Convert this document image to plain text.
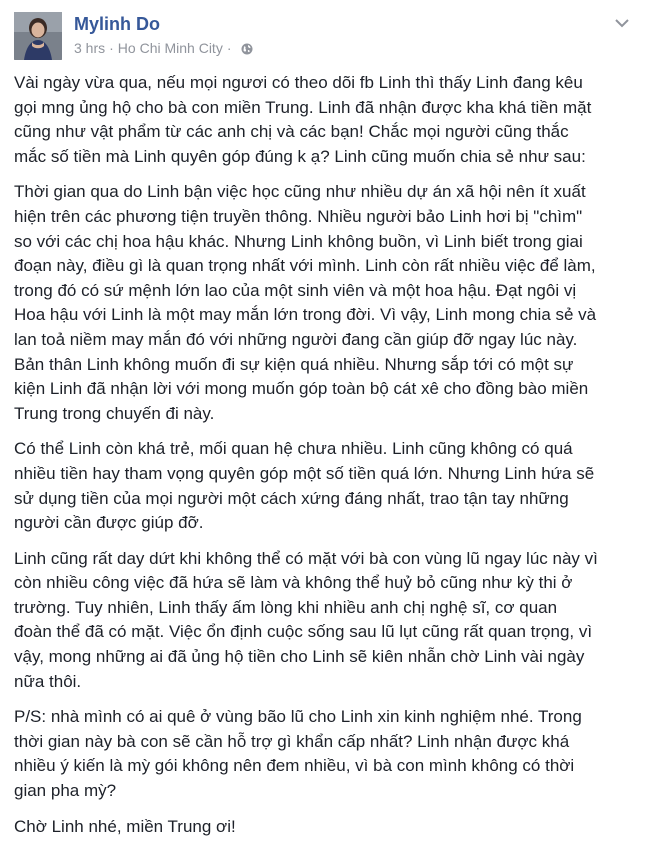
Mylinh Do
3 hrs · Ho Chi Minh City ·

Vài ngày vừa qua, nếu mọi ngươi có theo dõi fb Linh thì thấy Linh đang kêu
gọi mng ủng hộ cho bà con miền Trung. Linh đã nhận được kha khá tiền mặt
cũng như vật phẩm từ các anh chị và các bạn! Chắc mọi người cũng thắc
mắc số tiền mà Linh quyên góp đúng k ạ? Linh cũng muốn chia sẻ như sau:

Thời gian qua do Linh bận việc học cũng như nhiều dự án xã hội nên ít xuất
hiện trên các phương tiện truyền thông. Nhiều người bảo Linh hơi bị "chìm"
so với các chị hoa hậu khác. Nhưng Linh không buồn, vì Linh biết trong giai
đoạn này, điều gì là quan trọng nhất với mình. Linh còn rất nhiều việc để làm,
trong đó có sứ mệnh lớn lao của một sinh viên và một hoa hậu. Đạt ngôi vị
Hoa hậu với Linh là một may mắn lớn trong đời. Vì vậy, Linh mong chia sẻ và
lan toả niềm may mắn đó với những người đang cần giúp đỡ ngay lúc này.
Bản thân Linh không muốn đi sự kiện quá nhiều. Nhưng sắp tới có một sự
kiện Linh đã nhận lời với mong muốn góp toàn bộ cát xê cho đồng bào miền
Trung trong chuyến đi này.

Có thể Linh còn khá trẻ, mối quan hệ chưa nhiều. Linh cũng không có quá
nhiều tiền hay tham vọng quyên góp một số tiền quá lớn. Nhưng Linh hứa sẽ
sử dụng tiền của mọi người một cách xứng đáng nhất, trao tận tay những
người cần được giúp đỡ.

Linh cũng rất day dứt khi không thể có mặt với bà con vùng lũ ngay lúc này vì
còn nhiều công việc đã hứa sẽ làm và không thể huỷ bỏ cũng như kỳ thi ở
trường. Tuy nhiên, Linh thấy ấm lòng khi nhiều anh chị nghệ sĩ, cơ quan
đoàn thể đã có mặt. Việc ổn định cuộc sống sau lũ lụt cũng rất quan trọng, vì
vậy, mong những ai đã ủng hộ tiền cho Linh sẽ kiên nhẫn chờ Linh vài ngày
nữa thôi.

P/S: nhà mình có ai quê ở vùng bão lũ cho Linh xin kinh nghiệm nhé. Trong
thời gian này bà con sẽ cần hỗ trợ gì khẩn cấp nhất? Linh nhận được khá
nhiều ý kiến là mỳ gói không nên đem nhiều, vì bà con mình không có thời
gian pha mỳ?

Chờ Linh nhé, miền Trung ơi!
